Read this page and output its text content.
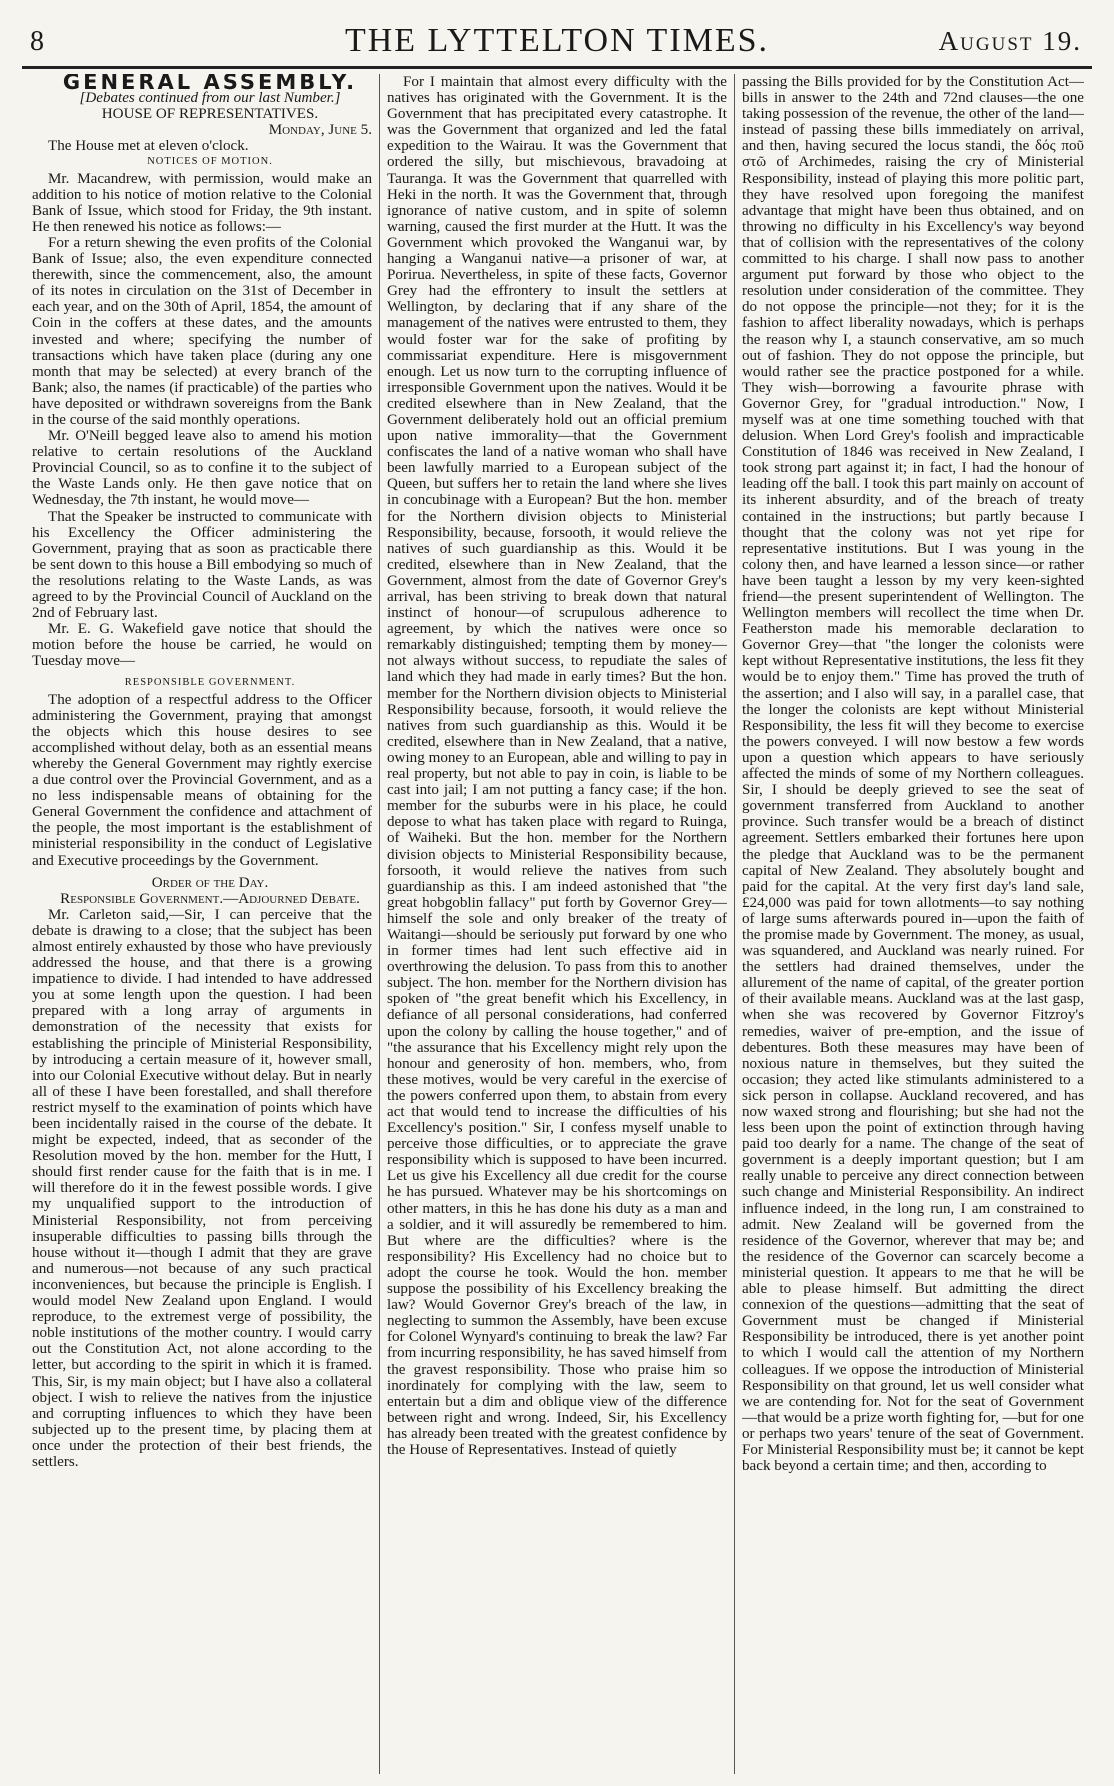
8	THE LYTTELTON TIMES.	August 19.

GENERAL ASSEMBLY.

[Debates continued from our last Number.]

HOUSE OF REPRESENTATIVES.

Monday, June 5.

The House met at eleven o'clock.

NOTICES OF MOTION.

Mr. Macandrew, with permission, would make an addition to his notice of motion relative to the Colonial Bank of Issue, which stood for Friday, the 9th instant. He then renewed his notice as follows:—

For a return shewing the even profits of the Colonial Bank of Issue; also, the even expenditure connected therewith, since the commencement, also, the amount of its notes in circulation on the 31st of December in each year, and on the 30th of April, 1854, the amount of Coin in the coffers at these dates, and the amounts invested and where; specifying the number of transactions which have taken place (during any one month that may be selected) at every branch of the Bank; also, the names (if practicable) of the parties who have deposited or withdrawn sovereigns from the Bank in the course of the said monthly operations.

Mr. O'Neill begged leave also to amend his motion relative to certain resolutions of the Auckland Provincial Council, so as to confine it to the subject of the Waste Lands only. He then gave notice that on Wednesday, the 7th instant, he would move—

That the Speaker be instructed to communicate with his Excellency the Officer administering the Government, praying that as soon as practicable there be sent down to this house a Bill embodying so much of the resolutions relating to the Waste Lands, as was agreed to by the Provincial Council of Auckland on the 2nd of February last.

Mr. E. G. Wakefield gave notice that should the motion before the house be carried, he would on Tuesday move—

RESPONSIBLE GOVERNMENT.

The adoption of a respectful address to the Officer administering the Government, praying that amongst the objects which this house desires to see accomplished without delay, both as an essential means whereby the General Government may rightly exercise a due control over the Provincial Government, and as a no less indispensable means of obtaining for the General Government the confidence and attachment of the people, the most important is the establishment of ministerial responsibility in the conduct of Legislative and Executive proceedings by the Government.

Order of the Day.

Responsible Government.—Adjourned Debate.

Mr. Carleton said,—Sir, I can perceive that the debate is drawing to a close; that the subject has been almost entirely exhausted by those who have previously addressed the house, and that there is a growing impatience to divide. I had intended to have addressed you at some length upon the question. I had been prepared with a long array of arguments in demonstration of the necessity that exists for establishing the principle of Ministerial Responsibility, by introducing a certain measure of it, however small, into our Colonial Executive without delay. But in nearly all of these I have been forestalled, and shall therefore restrict myself to the examination of points which have been incidentally raised in the course of the debate. It might be expected, indeed, that as seconder of the Resolution moved by the hon. member for the Hutt, I should first render cause for the faith that is in me. I will therefore do it in the fewest possible words. I give my unqualified support to the introduction of Ministerial Responsibility, not from perceiving insuperable difficulties to passing bills through the house without it—though I admit that they are grave and numerous—not because of any such practical inconveniences, but because the principle is English. I would model New Zealand upon England. I would reproduce, to the extremest verge of possibility, the noble institutions of the mother country. I would carry out the Constitution Act, not alone according to the letter, but according to the spirit in which it is framed. This, Sir, is my main object; but I have also a collateral object. I wish to relieve the natives from the injustice and corrupting influences to which they have been subjected up to the present time, by placing them at once under the protection of their best friends, the settlers.

For I maintain that almost every difficulty with the natives has originated with the Government. It is the Government that has precipitated every catastrophe. It was the Government that organized and led the fatal expedition to the Wairau. It was the Government that ordered the silly, but mischievous, bravadoing at Tauranga. It was the Government that quarrelled with Heki in the north. It was the Government that, through ignorance of native custom, and in spite of solemn warning, caused the first murder at the Hutt. It was the Government which provoked the Wanganui war, by hanging a Wanganui native—a prisoner of war, at Porirua. Nevertheless, in spite of these facts, Governor Grey had the effrontery to insult the settlers at Wellington, by declaring that if any share of the management of the natives were entrusted to them, they would foster war for the sake of profiting by commissariat expenditure. Here is misgovernment enough. Let us now turn to the corrupting influence of irresponsible Government upon the natives. Would it be credited elsewhere than in New Zealand, that the Government deliberately hold out an official premium upon native immorality—that the Government confiscates the land of a native woman who shall have been lawfully married to a European subject of the Queen, but suffers her to retain the land where she lives in concubinage with a European? But the hon. member for the Northern division objects to Ministerial Responsibility, because, forsooth, it would relieve the natives of such guardianship as this. Would it be credited, elsewhere than in New Zealand, that the Government, almost from the date of Governor Grey's arrival, has been striving to break down that natural instinct of honour—of scrupulous adherence to agreement, by which the natives were once so remarkably distinguished; tempting them by money—not always without success, to repudiate the sales of land which they had made in early times? But the hon. member for the Northern division objects to Ministerial Responsibility because, forsooth, it would relieve the natives from such guardianship as this. Would it be credited, elsewhere than in New Zealand, that a native, owing money to an European, able and willing to pay in real property, but not able to pay in coin, is liable to be cast into jail; I am not putting a fancy case; if the hon. member for the suburbs were in his place, he could depose to what has taken place with regard to Ruinga, of Waiheki. But the hon. member for the Northern division objects to Ministerial Responsibility because, forsooth, it would relieve the natives from such guardianship as this. I am indeed astonished that "the great hobgoblin fallacy" put forth by Governor Grey—himself the sole and only breaker of the treaty of Waitangi—should be seriously put forward by one who in former times had lent such effective aid in overthrowing the delusion. To pass from this to another subject. The hon. member for the Northern division has spoken of "the great benefit which his Excellency, in defiance of all personal considerations, had conferred upon the colony by calling the house together," and of "the assurance that his Excellency might rely upon the honour and generosity of hon. members, who, from these motives, would be very careful in the exercise of the powers conferred upon them, to abstain from every act that would tend to increase the difficulties of his Excellency's position." Sir, I confess myself unable to perceive those difficulties, or to appreciate the grave responsibility which is supposed to have been incurred. Let us give his Excellency all due credit for the course he has pursued. Whatever may be his shortcomings on other matters, in this he has done his duty as a man and a soldier, and it will assuredly be remembered to him. But where are the difficulties? where is the responsibility? His Excellency had no choice but to adopt the course he took. Would the hon. member suppose the possibility of his Excellency breaking the law? Would Governor Grey's breach of the law, in neglecting to summon the Assembly, have been excuse for Colonel Wynyard's continuing to break the law? Far from incurring responsibility, he has saved himself from the gravest responsibility. Those who praise him so inordinately for complying with the law, seem to entertain but a dim and oblique view of the difference between right and wrong. Indeed, Sir, his Excellency has already been treated with the greatest confidence by the House of Representatives. Instead of quietly

passing the Bills provided for by the Constitution Act—bills in answer to the 24th and 72nd clauses—the one taking possession of the revenue, the other of the land—instead of passing these bills immediately on arrival, and then, having secured the locus standi, the δός ποῦ στῶ of Archimedes, raising the cry of Ministerial Responsibility, instead of playing this more politic part, they have resolved upon foregoing the manifest advantage that might have been thus obtained, and on throwing no difficulty in his Excellency's way beyond that of collision with the representatives of the colony committed to his charge. I shall now pass to another argument put forward by those who object to the resolution under consideration of the committee. They do not oppose the principle—not they; for it is the fashion to affect liberality nowadays, which is perhaps the reason why I, a staunch conservative, am so much out of fashion. They do not oppose the principle, but would rather see the practice postponed for a while. They wish—borrowing a favourite phrase with Governor Grey, for "gradual introduction." Now, I myself was at one time something touched with that delusion. When Lord Grey's foolish and impracticable Constitution of 1846 was received in New Zealand, I took strong part against it; in fact, I had the honour of leading off the ball. I took this part mainly on account of its inherent absurdity, and of the breach of treaty contained in the instructions; but partly because I thought that the colony was not yet ripe for representative institutions. But I was young in the colony then, and have learned a lesson since—or rather have been taught a lesson by my very keen-sighted friend—the present superintendent of Wellington. The Wellington members will recollect the time when Dr. Featherston made his memorable declaration to Governor Grey—that "the longer the colonists were kept without Representative institutions, the less fit they would be to enjoy them." Time has proved the truth of the assertion; and I also will say, in a parallel case, that the longer the colonists are kept without Ministerial Responsibility, the less fit will they become to exercise the powers conveyed. I will now bestow a few words upon a question which appears to have seriously affected the minds of some of my Northern colleagues. Sir, I should be deeply grieved to see the seat of government transferred from Auckland to another province. Such transfer would be a breach of distinct agreement. Settlers embarked their fortunes here upon the pledge that Auckland was to be the permanent capital of New Zealand. They absolutely bought and paid for the capital. At the very first day's land sale, £24,000 was paid for town allotments—to say nothing of large sums afterwards poured in—upon the faith of the promise made by Government. The money, as usual, was squandered, and Auckland was nearly ruined. For the settlers had drained themselves, under the allurement of the name of capital, of the greater portion of their available means. Auckland was at the last gasp, when she was recovered by Governor Fitzroy's remedies, waiver of pre-emption, and the issue of debentures. Both these measures may have been of noxious nature in themselves, but they suited the occasion; they acted like stimulants administered to a sick person in collapse. Auckland recovered, and has now waxed strong and flourishing; but she had not the less been upon the point of extinction through having paid too dearly for a name. The change of the seat of government is a deeply important question; but I am really unable to perceive any direct connection between such change and Ministerial Responsibility. An indirect influence indeed, in the long run, I am constrained to admit. New Zealand will be governed from the residence of the Governor, wherever that may be; and the residence of the Governor can scarcely become a ministerial question. It appears to me that he will be able to please himself. But admitting the direct connexion of the questions—admitting that the seat of Government must be changed if Ministerial Responsibility be introduced, there is yet another point to which I would call the attention of my Northern colleagues. If we oppose the introduction of Ministerial Responsibility on that ground, let us well consider what we are contending for. Not for the seat of Government—that would be a prize worth fighting for, —but for one or perhaps two years' tenure of the seat of Government. For Ministerial Responsibility must be; it cannot be kept back beyond a certain time; and then, according to
